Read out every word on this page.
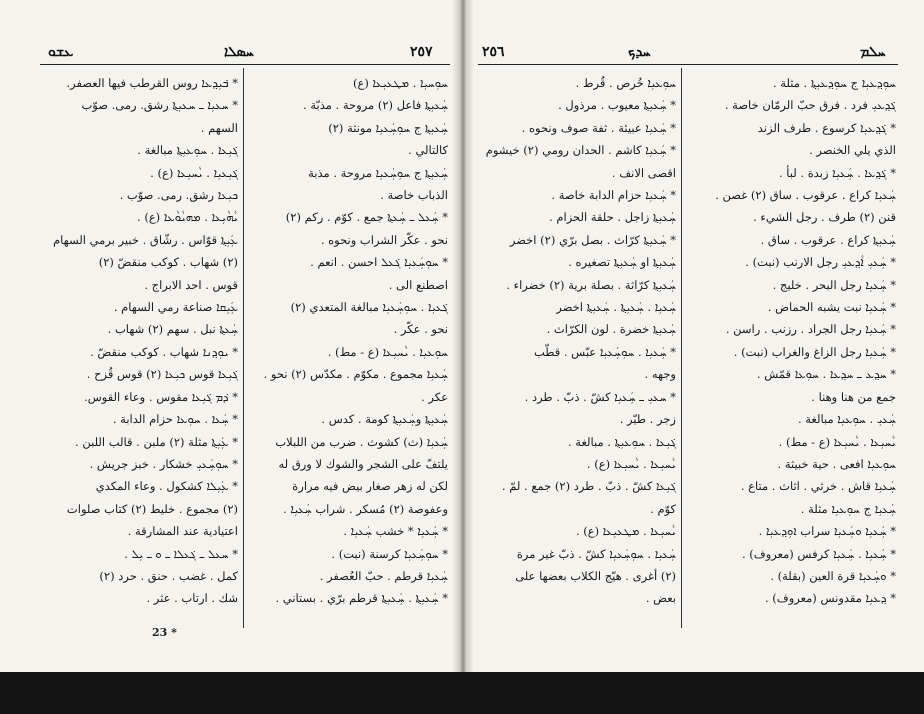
ܥܫܘ	ܚܣܠܐ	٢٥٧
* ܒ݁ܝܼܕ݂ܥܐ روس القرطب فيها العصفر.
* ܚܥܝܼܐ ـ ܚܥܝܼܬ݂ܐ رشق. رمى. صوّب
السهم .
ܓ݁ܝܼܥܐ . ܚܘܼܥܝܼܬ݂ܐ مبالغة .
ܓ݁ܝܼܥܝܼܐ . ܝܵܚܝܼܥܐ (ع) .
ܟܝܼܥܐ رشق. رمى. صوّب .
ܝܵܗܵܝܼܥܐ . ܡܗܝܵܘܵܥܐ (ع) .
ܥܲܝܼܬ݂ܐ قوّاس . رشّاق . خبير برمي السهام
(٢) شهاب . كوكب منقضّ (٢)
قوس . احد الابراج .
ܥܲܝܼܩܐ صناعة رمي السهام .
ܚܲܥܬ݂ܐ نبل . سهم (٢) شهاب .
* ܝܘܼܕ݂ܢܐ شهاب . كوكب منقضّ .
ܓ݁ܝܼܥܐ قوس ܟܝܼܥܐ (٢) قوس قُزح .
* ܕ݁ܡ ܓ݁ܝܼܥܐ مقوس . وعاء القوس.
* ܚܲܥܐ . ܚܘܼܥܐ حزام الدابة .
* ܥܲܝܼܬ݂ܐ مثلة (٢) ملبن . قالب اللبن .
* ܚܘܼܚܲܥܝܼ خشكار . خبز جريش .
* ܥܲܝܼܠܐ كشكول . وعاء المكدي
(٢) مجموع . خليط (٢) كتاب صلوات
اعتيادية عند المشارقة .
* ܚܥܠ ـ ܓ݁ܥܠܐ ـ ܘ ـ ܝܼܠ .
كمل . غضب . حنق . حرد (٢)
شك . ارتاب . عثر .
ܚܘܼܚܝܼܐ . ܡܛܥܝܼܥܐ (ع)
ܚܲܥܝܼܬ݂ܐ فاعل (٢) مروحة . مذبّة .
ܚܲܥܝܼܬ݂ܐ ج ܚܘܼܚܲܥܝܼܐ مونثة (٢)
كالتالي .
ܚܲܥܝܼܬ݂ܐ ج ܚܘܼܚܲܥܝܼܐ مروحة . مذبة
الذباب خاصة .
* ܚܲܥܠ ـ ܚܲܥܬ݂ܐ جمع . كوّم . ركم (٢)
نحو . عكّر الشراب ونحوه .
* ܚܘܼܚܲܥܝܼܐ ܓ݁ܥܠ احسن . انعم .
اصطنع الى .
ܓ݁ܥܝܼܐ . ܚܘܼܚܲܥܝܼܐ مبالغة المتعدي (٢)
نحو . عكّر .
ܚܘܼܥܝܼܐ . ܝܵܚܝܼܥܐ (ع - مط) .
ܚܲܥܝܼܐ مجموع . مكوّم . مكدّس (٢) نحو .
عكر .
ܚܲܥܝܼܬ݂ܐ وܚܲܥܝܼܬ݂ܐ كومة . كدس .
ܚܲܥܝܼܐ (ث) كشوث . ضرب من اللبلاب
يلتفّ على الشجر والشوك لا ورق له
لكن له زهر صغار بيض فيه مرارة
وعفوصة (٢) مُسكر . شراب ܚܲܥܝܼܐ .
* ܚܲܥܝܼܐ * خشب ܚܲܥܝܼܐ .
* ܚܘܼܚܲܥܝܼܐ كرسنة (نبت) .
ܚܲܥܝܼܐ قرطم . حبّ العُصفر .
* ܚܲܥܝܼܬ݂ܐ . ܚܲܥܝܼܬ݂ܐ قرطم برّي . بستاني .
23 *
٢٥٦	ܚܕܟ	ܚܠܡ
ܚܘܼܥܝܼܐ خُرص . قُرط .
* ܚܲܥܝܼܬ݂ܐ معيوب . مرذول .
* ܚܲܥܝܼܐ عبيئة . ثفة صوف ونحوه .
* ܚܲܥܝܼܐ كاشم . الحدان رومي (٢) خيشوم
اقصى الانف .
* ܚܲܥܝܼܐ حزام الدابة خاصة .
ܚܲܥܝܼܬ݂ܐ زاجل . حلقة الحزام .
* ܚܲܥܝܼܬ݂ܐ كرّاث . بصل برّي (٢) اخضر
ܚܲܥܝܼܬ݂ܐ او ܚܲܥܝܼܬ݂ܐ تصغيره .
ܚܲܥܝܼܬ݂ܐ كرّاثة . بصلة برية (٢) خضراء .
ܚܲܥܝܼܐ . ܚܲܥܝܼܬ݂ܐ . ܚܲܥܝܼܬ݂ܐ اخضر
ܚܲܥܝܼܬ݂ܐ خضرة . لون الكرّاث .
* ܚܲܥܝܼܐ . ܚܘܼܚܲܥܝܼܐ عبّس . قطّب
وجهه .
* ܚܥܝܼ ـ ܚܲܥܝܼܐ كشّ . ذبّ . طرد .
زجر . طيّر .
ܓ݁ܝܼܥܐ . ܚܘܼܥܝܼܬ݂ܐ . مبالغة .
ܝܵܚܝܼܥܐ . ܝܵܚܝܼܥܐ (ع) .
ܓ݁ܝܼܥܐ كشّ . ذبّ . طرد (٢) جمع . لمّ .
كوّم .
ܝܵܚܝܼܥܐ . ܡܛܥܝܼܥܐ (ع) .
ܚܲܥܝܼܐ . ܚܘܼܚܲܥܝܼܐ كشّ . ذبّ غير مرة
(٢) أغرى . هيّج الكلاب بعضها على
بعض .
ܚܘܼܕ݂ܥܝܼܐ ج ܚܘܼܕ݂ܥܝܼܬ݂ܐ . مثلة .
ܓ݁ܕ݂ܥܝܼ فرد . فرق حبّ الرمّان خاصة .
* ܓ݁ܕ݂ܥܝܼܐ كرسوع . طرف الزند
الذي يلي الخنصر .
* ܓ݁ܕ݂ܥܐ . ܚܲܥܝܼܐ زبدة . لبأ .
ܚܲܥܝܼܐ كراع . عرقوب . ساق (٢) غصن .
قنن (٢) طرف . رجل الشيء .
ܚܲܥܝܼܬ݂ܐ كراع . عرقوب . ساق .
* ܚܲܥܝܼ ܐܵܕ݂ܥܝܼ رجل الارنب (نبت) .
* ܚܲܥܝܼܐ رجل البحر . خليج .
* ܚܲܥܝܼܐ نبت يشبه الحماض .
* ܚܲܥܝܼܐ رجل الجراد . رزنب . راسن .
* ܚܲܥܝܼܐ رجل الزاغ والغراب (نبت) .
* ܚܕ݂ܥ ـ ܚܕ݂ܥܐ . ܚܘܼܥܐ قمّش .
جمع من هنا وهنا .
ܚܲܥܝܼ . ܚܘܼܥܝܼܐ مبالغة .
ܝܵܚܝܼܥܐ . ܝܵܚܝܼܥܐ (ع - مط) .
ܚܘܼܥܝܼܐ افعى . حية خبيثة .
ܚܲܥܝܼܐ قاش . خرثي . اثاث . متاع .
ܚܲܥܝܼܐ ج ܚܘܼܥܝܼܐ مثلة .
* ܚܲܥܝܼܐ ܘܚܲܥܝܼܐ سراب ܐܘܼܕ݂ܥܝܼܐ .
* ܚܲܥܝܼܐ . ܚܲܥܝܼܐ كرفس (معروف) .
* ܘܚܲܥܝܼܐ قرة العين (بقلة) .
* ܕ݂ܥܝܼܐ مقدونس (معروف) .
